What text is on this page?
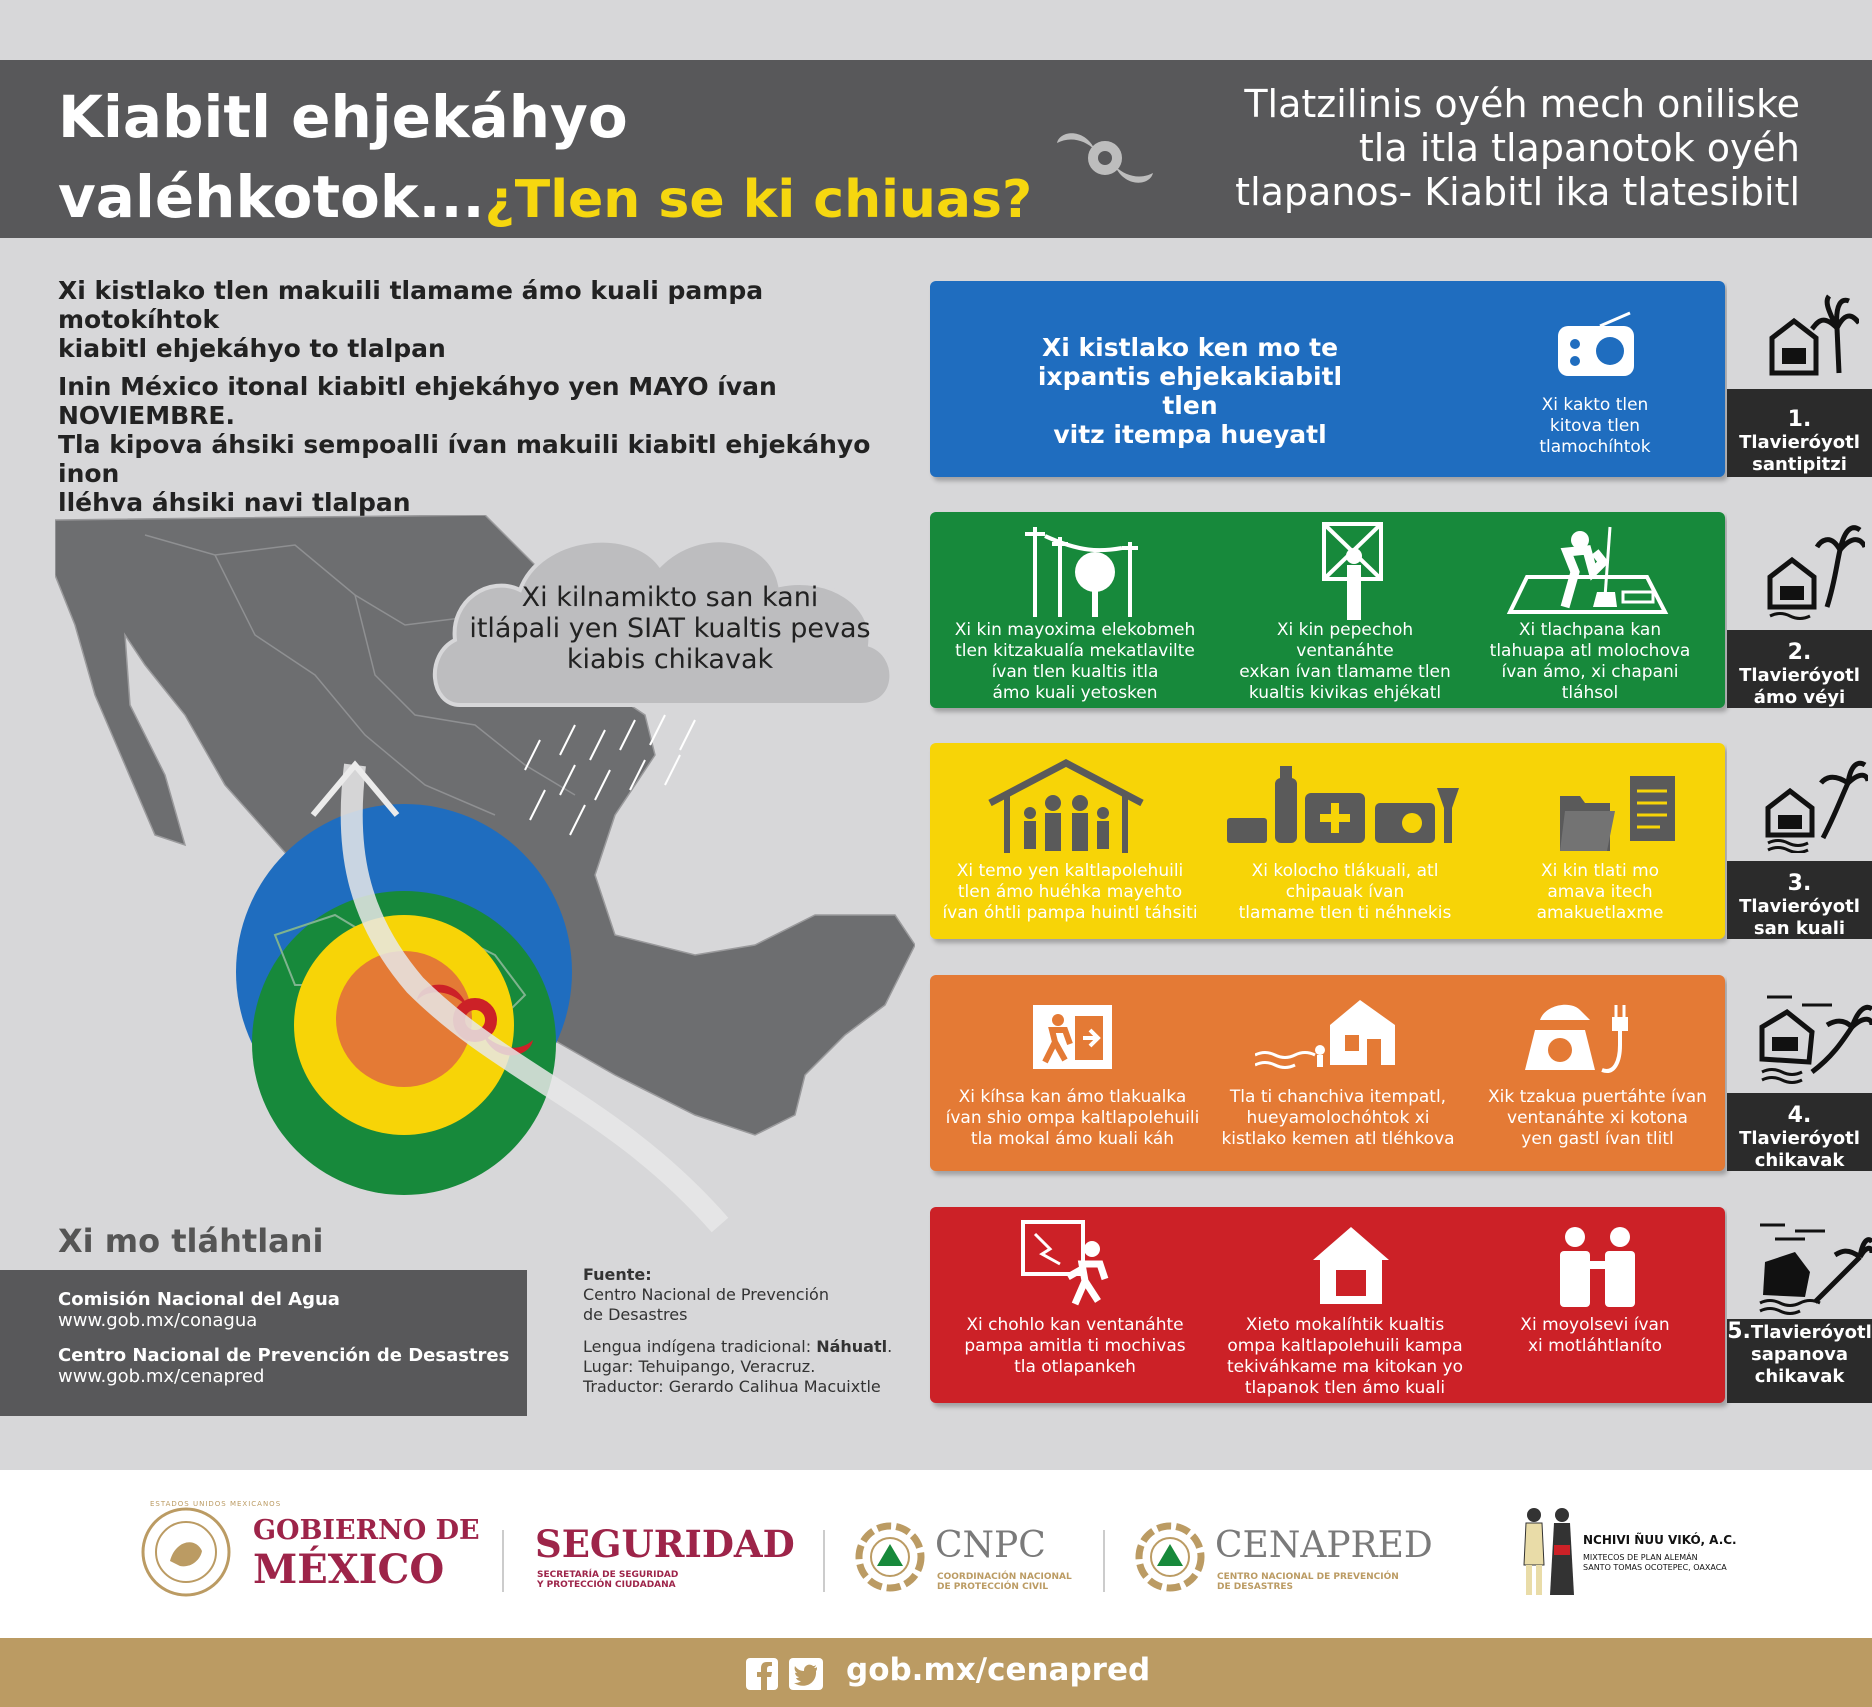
Kiabitl ehjekáhyo
valéhkotok...¿Tlen se ki chiuas?
Tlatzilinis oyéh mech oniliske
tla itla tlapanotok oyéh
tlapanos- Kiabitl ika tlatesibitl
Xi kistlako tlen makuili tlamame ámo kuali pampa motokíhtok
kiabitl ehjekáhyo to tlalpan
Inin México itonal kiabitl ehjekáhyo yen MAYO ívan NOVIEMBRE.
Tla kipova áhsiki sempoalli ívan makuili kiabitl ehjekáhyo inon
lléhva áhsiki navi tlalpan
Xi kilnamikto san kani
itlápali yen SIAT kualtis pevas
kiabis chikavak
Xi mo tláhtlani
Comisión Nacional del Agua
www.gob.mx/conagua
Centro Nacional de Prevención de Desastres
www.gob.mx/cenapred
Fuente:
Centro Nacional de Prevención
de Desastres
Lengua indígena tradicional: Náhuatl.
Lugar: Tehuipango, Veracruz.
Traductor: Gerardo Calihua Macuixtle
Xi kistlako ken mo te
ixpantis ehjekakiabitl tlen
vitz itempa hueyatl
Xi kakto tlen
kitova tlen
tlamochíhtok
1. Tlavieróyotl
santipitzi
Xi kin mayoxima elekobmeh
tlen kitzakualía mekatlavilte
ívan tlen kualtis itla
ámo kuali yetosken
Xi kin pepechoh
ventanáhte
exkan ívan tlamame tlen
kualtis kivikas ehjékatl
Xi tlachpana kan
tlahuapa atl molochova
ívan ámo, xi chapani
tláhsol
2. Tlavieróyotl
ámo véyi
Xi temo yen kaltlapolehuili
tlen ámo huéhka mayehto
ívan óhtli pampa huintl táhsiti
Xi kolocho tlákuali, atl
chipauak ívan
tlamame tlen ti néhnekis
Xi kin tlati mo
amava itech
amakuetlaxme
3. Tlavieróyotl
san kuali
Xi kíhsa kan ámo tlakualka
ívan shio ompa kaltlapolehuili
tla mokal ámo kuali káh
Tla ti chanchiva itempatl,
hueyamolochóhtok xi
kistlako kemen atl tléhkova
Xik tzakua puertáhte ívan
ventanáhte xi kotona
yen gastl ívan tlitl
4. Tlavieróyotl
chikavak
Xi chohlo kan ventanáhte
pampa amitla ti mochivas
tla otlapankeh
Xieto mokalíhtik kualtis
ompa kaltlapolehuili kampa
tekiváhkame ma kitokan yo
tlapanok tlen ámo kuali
Xi moyolsevi ívan
xi motláhtlaníto
5.Tlavieróyotl
sapanova
chikavak
ESTADOS UNIDOS MEXICANOS
GOBIERNO DE
MÉXICO
SEGURIDAD
SECRETARÍA DE SEGURIDAD
Y PROTECCIÓN CIUDADANA
CNPC
COORDINACIÓN NACIONAL
DE PROTECCIÓN CIVIL
CENAPRED
CENTRO NACIONAL DE PREVENCIÓN
DE DESASTRES
NCHIVI ÑUU VIKÓ, A.C.
MIXTECOS DE PLAN ALEMÁN
SANTO TOMAS OCOTEPEC, OAXACA
gob.mx/cenapred
